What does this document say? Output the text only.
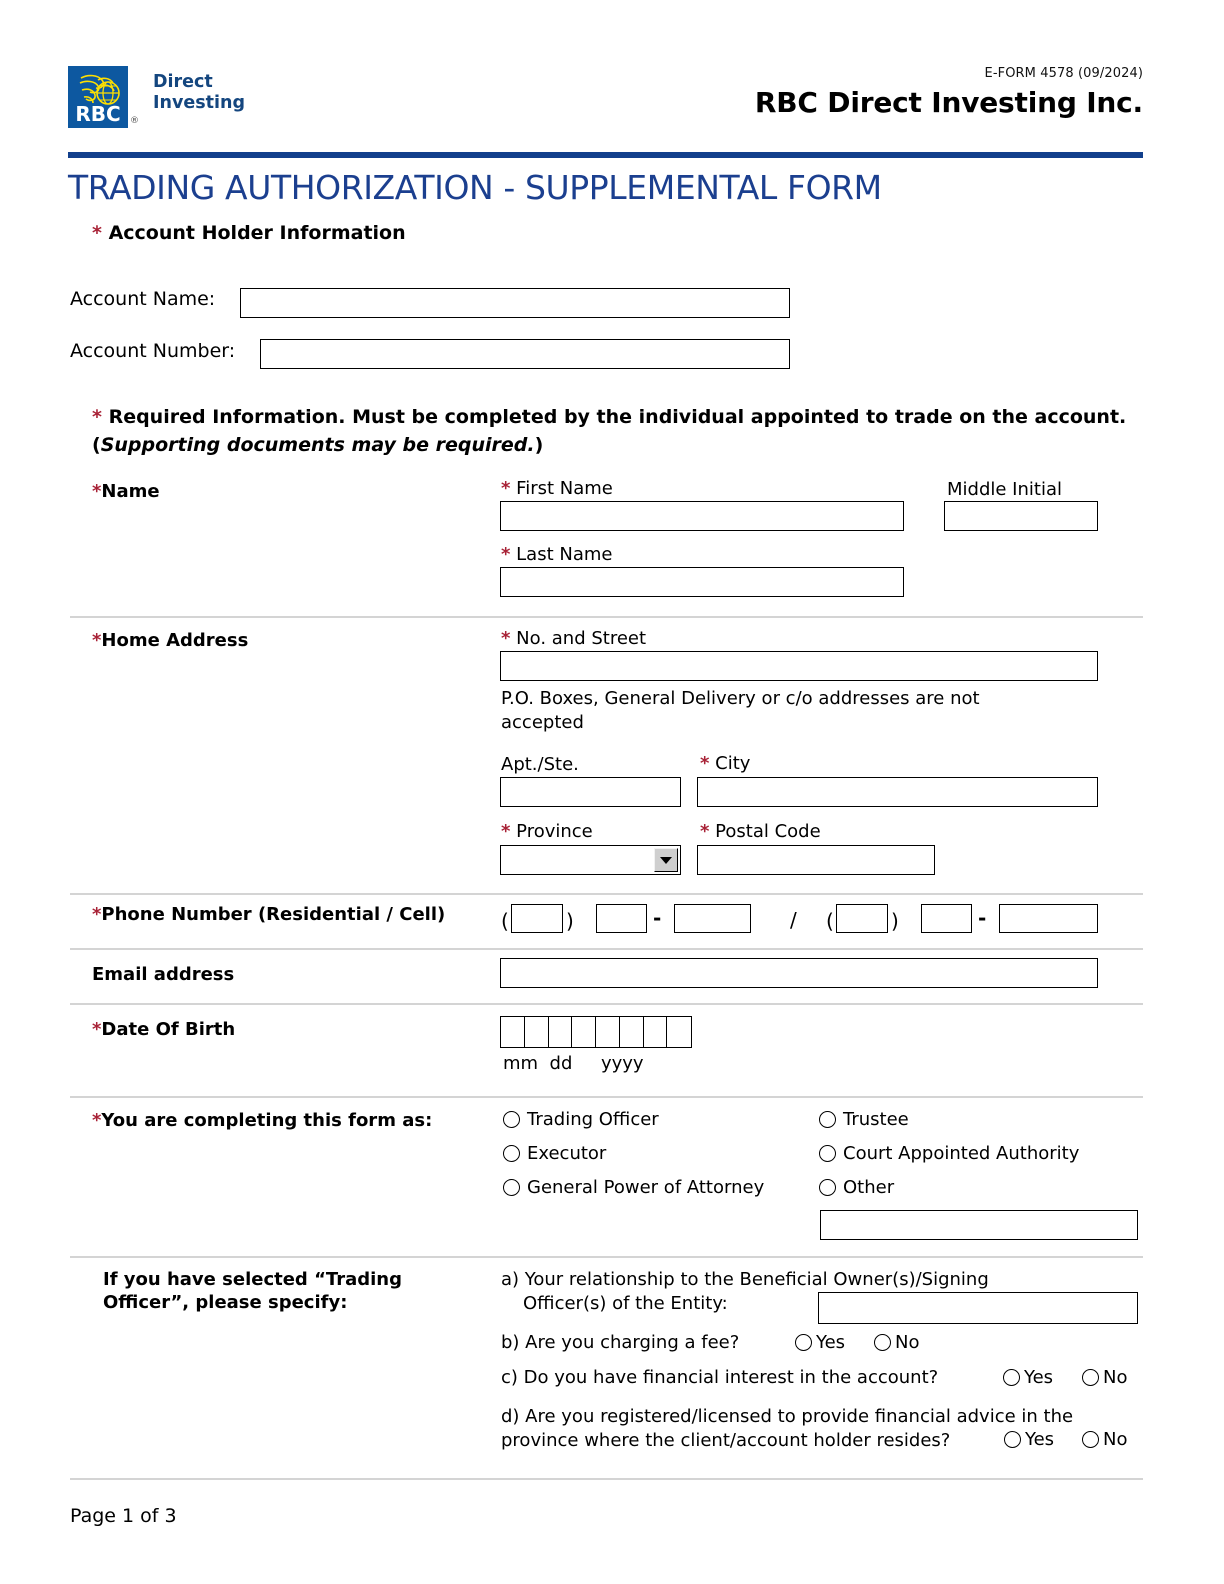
RBC ®
Direct
Investing
E-FORM 4578 (09/2024)
RBC Direct Investing Inc.
TRADING AUTHORIZATION - SUPPLEMENTAL FORM
* Account Holder Information
Account Name:
Account Number:
* Required Information. Must be completed by the individual appointed to trade on the account. (Supporting documents may be required.)
*Name	* First Name	Middle Initial
* Last Name
*Home Address	* No. and Street
P.O. Boxes, General Delivery or c/o addresses are not accepted
Apt./Ste.	* City
* Province	* Postal Code
*Phone Number (Residential / Cell)	(	)	-	/ (	)	-
Email address
*Date Of Birth
mm  dd     yyyy
*You are completing this form as:	Trading Officer
Executor
General Power of Attorney
Trustee
Court Appointed Authority
Other
If you have selected “Trading
Officer”, please specify:
a) Your relationship to the Beneficial Owner(s)/Signing
Officer(s) of the Entity:
b) Are you charging a fee?	Yes	No
c) Do you have financial interest in the account?	Yes	No
d) Are you registered/licensed to provide financial advice in the
province where the client/account holder resides?	Yes	No
Page 1 of 3
